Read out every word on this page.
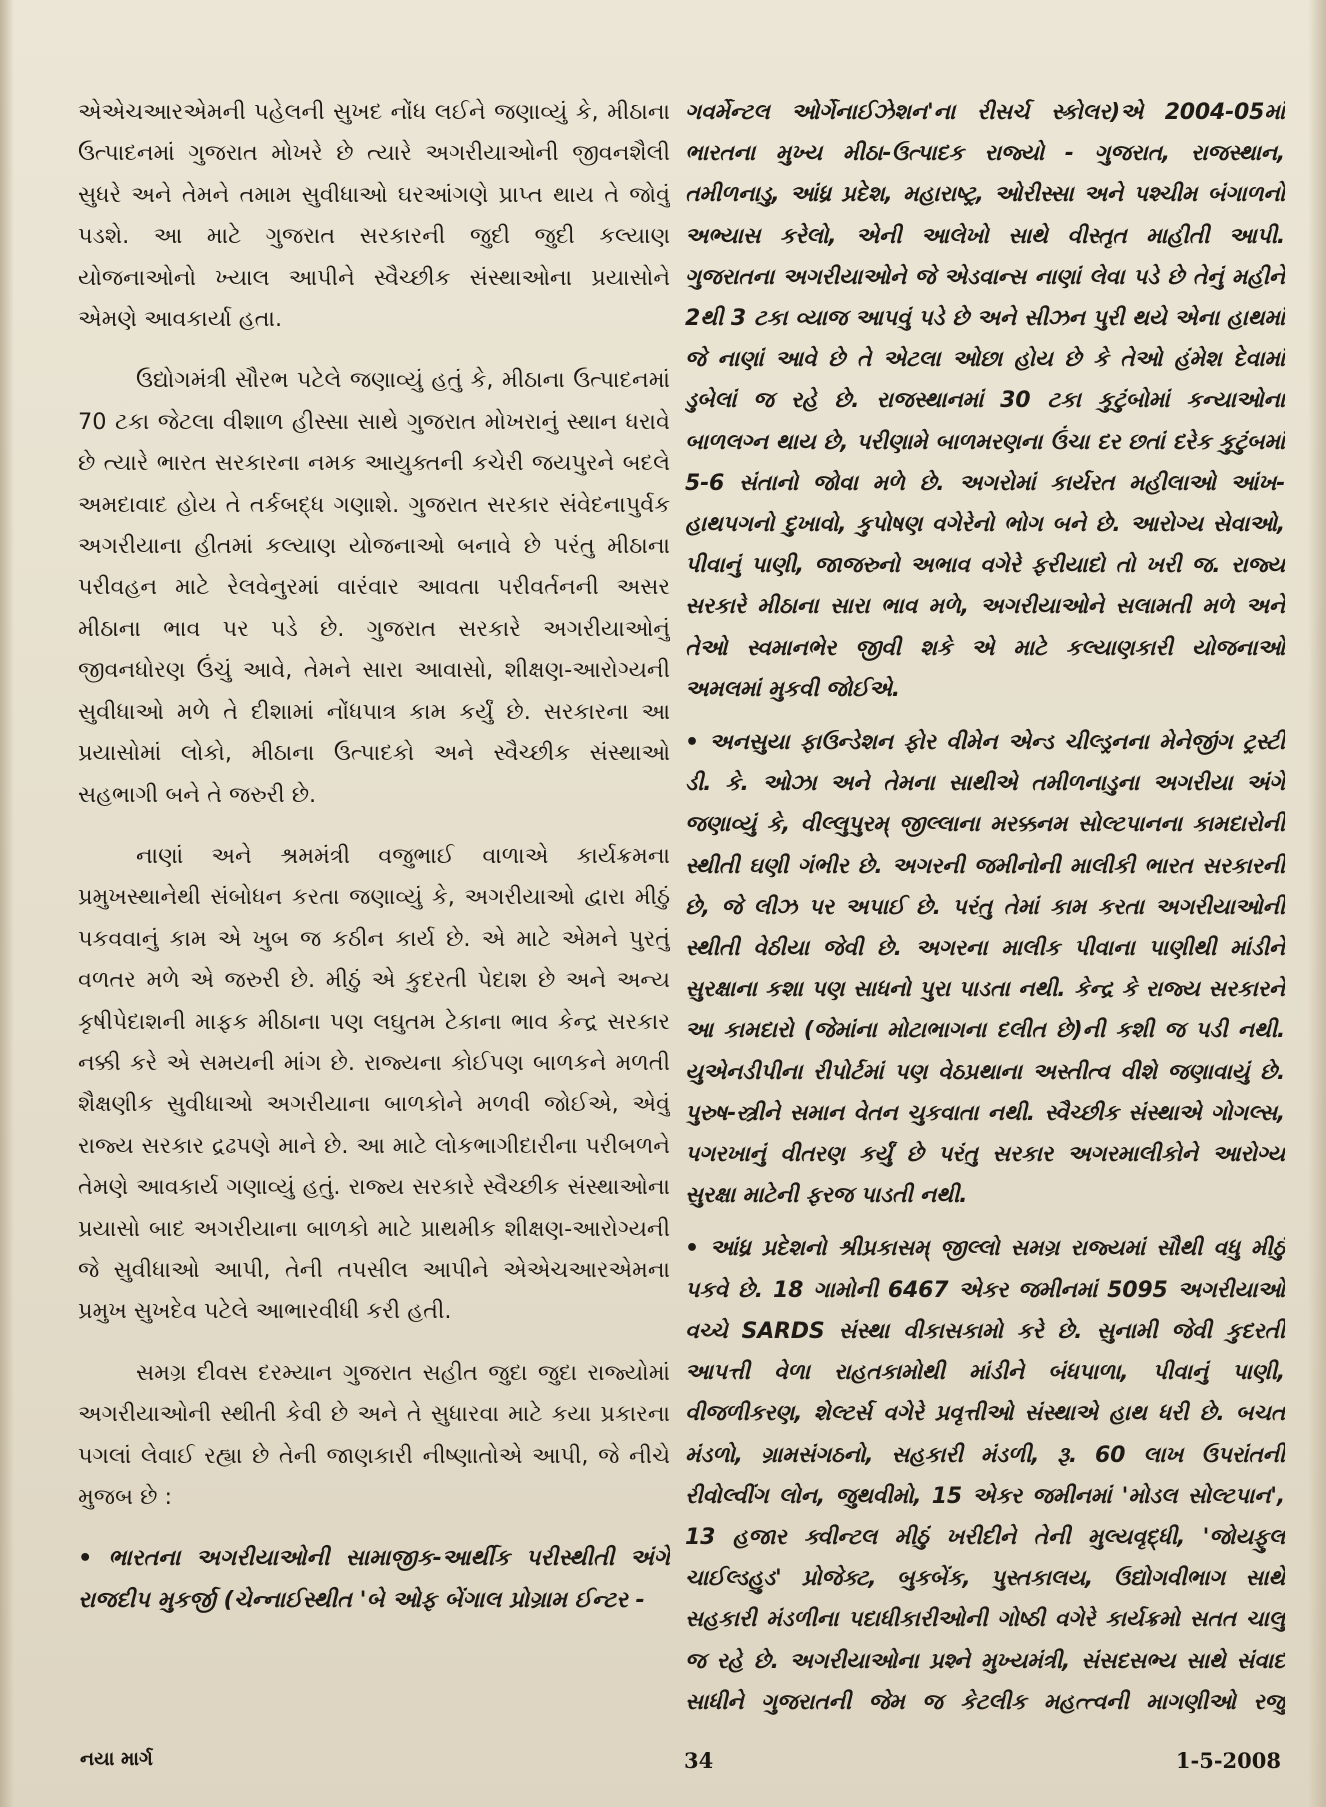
એએચઆરએમની પહેલની સુખદ નોંધ લઈને જણાવ્યું કે, મીઠાના ઉત્પાદનમાં ગુજરાત મોખરે છે ત્યારે અગરીયાઓની જીવનશૈલી સુધરે અને તેમને તમામ સુવીધાઓ ઘરઆંગણે પ્રાપ્ત થાય તે જોવું પડશે. આ માટે ગુજરાત સરકારની જુદી જુદી કલ્યાણ યોજનાઓનો ખ્યાલ આપીને સ્વૈચ્છીક સંસ્થાઓના પ્રયાસોને એમણે આવકાર્યા હતા.

ઉદ્યોગમંત્રી સૌરભ પટેલે જણાવ્યું હતું કે, મીઠાના ઉત્પાદનમાં 70 ટકા જેટલા વીશાળ હીસ્સા સાથે ગુજરાત મોખરાનું સ્થાન ધરાવે છે ત્યારે ભારત સરકારના નમક આયુક્તની કચેરી જયપુરને બદલે અમદાવાદ હોય તે તર્કબદ્ધ ગણાશે. ગુજરાત સરકાર સંવેદનાપુર્વક અગરીયાના હીતમાં કલ્યાણ યોજનાઓ બનાવે છે પરંતુ મીઠાના પરીવહન માટે રેલવેનુરમાં વારંવાર આવતા પરીવર્તનની અસર મીઠાના ભાવ પર પડે છે. ગુજરાત સરકારે અગરીયાઓનું જીવનધોરણ ઉંચું આવે, તેમને સારા આવાસો, શીક્ષણ-આરોગ્યની સુવીધાઓ મળે તે દીશામાં નોંધપાત્ર કામ કર્યું છે. સરકારના આ પ્રયાસોમાં લોકો, મીઠાના ઉત્પાદકો અને સ્વૈચ્છીક સંસ્થાઓ સહભાગી બને તે જરુરી છે.

નાણાં અને શ્રમમંત્રી વજુભાઈ વાળાએ કાર્યક્રમના પ્રમુખસ્થાનેથી સંબોધન કરતા જણાવ્યું કે, અગરીયાઓ દ્વારા મીઠું પકવવાનું કામ એ ખુબ જ કઠીન કાર્ય છે. એ માટે એમને પુરતું વળતર મળે એ જરુરી છે. મીઠું એ કુદરતી પેદાશ છે અને અન્ય કૃષીપેદાશની માફક મીઠાના પણ લઘુતમ ટેકાના ભાવ કેન્દ્ર સરકાર નક્કી કરે એ સમયની માંગ છે. રાજ્યના કોઈપણ બાળકને મળતી શૈક્ષણીક સુવીધાઓ અગરીયાના બાળકોને મળવી જોઈએ, એવું રાજ્ય સરકાર દ્રઢપણે માને છે. આ માટે લોકભાગીદારીના પરીબળને તેમણે આવકાર્ય ગણાવ્યું હતું. રાજ્ય સરકારે સ્વૈચ્છીક સંસ્થાઓના પ્રયાસો બાદ અગરીયાના બાળકો માટે પ્રાથમીક શીક્ષણ-આરોગ્યની જે સુવીધાઓ આપી, તેની તપસીલ આપીને એએચઆરએમના પ્રમુખ સુખદેવ પટેલે આભારવીધી કરી હતી.

સમગ્ર દીવસ દરમ્યાન ગુજરાત સહીત જુદા જુદા રાજ્યોમાં અગરીયાઓની સ્થીતી કેવી છે અને તે સુધારવા માટે કયા પ્રકારના પગલાં લેવાઈ રહ્યા છે તેની જાણકારી નીષ્ણાતોએ આપી, જે નીચે મુજબ છે :

• ભારતના અગરીયાઓની સામાજીક-આર્થીક પરીસ્થીતી અંગે રાજદીપ મુકર્જી (ચેન્નાઈસ્થીત 'બે ઓફ બેંગાલ પ્રોગ્રામ ઈન્ટર -

ગવર્મેન્ટલ ઓર્ગેનાઈઝેશન'ના રીસર્ચ સ્કોલર)એ 2004-05માં ભારતના મુખ્ય મીઠા-ઉત્પાદક રાજ્યો - ગુજરાત, રાજસ્થાન, તમીળનાડુ, આંધ્ર પ્રદેશ, મહારાષ્ટ્ર, ઓરીસ્સા અને પશ્ચીમ બંગાળનો અભ્યાસ કરેલો, એની આલેખો સાથે વીસ્તૃત માહીતી આપી. ગુજરાતના અગરીયાઓને જે એડવાન્સ નાણાં લેવા પડે છે તેનું મહીને 2થી 3 ટકા વ્યાજ આપવું પડે છે અને સીઝન પુરી થયે એના હાથમાં જે નાણાં આવે છે તે એટલા ઓછા હોય છે કે તેઓ હંમેશ દેવામાં ડુબેલાં જ રહે છે. રાજસ્થાનમાં 30 ટકા કુટુંબોમાં કન્યાઓના બાળલગ્ન થાય છે, પરીણામે બાળમરણના ઉંચા દર છતાં દરેક કુટુંબમાં 5-6 સંતાનો જોવા મળે છે. અગરોમાં કાર્યરત મહીલાઓ આંખ- હાથપગનો દુખાવો, કુપોષણ વગેરેનો ભોગ બને છે. આરોગ્ય સેવાઓ, પીવાનું પાણી, જાજરુનો અભાવ વગેરે ફરીયાદો તો ખરી જ. રાજ્ય સરકારે મીઠાના સારા ભાવ મળે, અગરીયાઓને સલામતી મળે અને તેઓ સ્વમાનભેર જીવી શકે એ માટે કલ્યાણકારી યોજનાઓ અમલમાં મુકવી જોઈએ.

• અનસુયા ફાઉન્ડેશન ફોર વીમેન એન્ડ ચીલ્ડ્રનના મેનેજીંગ ટ્રસ્ટી ડી. કે. ઓઝા અને તેમના સાથીએ તમીળનાડુના અગરીયા અંગે જણાવ્યું કે, વીલ્લુપુરમ્ જીલ્લાના મરક્કનમ સોલ્ટપાનના કામદારોની સ્થીતી ઘણી ગંભીર છે. અગરની જમીનોની માલીકી ભારત સરકારની છે, જે લીઝ પર અપાઈ છે. પરંતુ તેમાં કામ કરતા અગરીયાઓની સ્થીતી વેઠીયા જેવી છે. અગરના માલીક પીવાના પાણીથી માંડીને સુરક્ષાના કશા પણ સાધનો પુરા પાડતા નથી. કેન્દ્ર કે રાજ્ય સરકારને આ કામદારો (જેમાંના મોટાભાગના દલીત છે)ની કશી જ પડી નથી. યુએનડીપીના રીપોર્ટમાં પણ વેઠપ્રથાના અસ્તીત્વ વીશે જણાવાયું છે. પુરુષ-સ્ત્રીને સમાન વેતન ચુકવાતા નથી. સ્વૈચ્છીક સંસ્થાએ ગોગલ્સ, પગરખાનું વીતરણ કર્યું છે પરંતુ સરકાર અગરમાલીકોને આરોગ્ય સુરક્ષા માટેની ફરજ પાડતી નથી.

• આંધ્ર પ્રદેશનો શ્રીપ્રકાસમ્ જીલ્લો સમગ્ર રાજ્યમાં સૌથી વધુ મીઠું પકવે છે. 18 ગામોની 6467 એકર જમીનમાં 5095 અગરીયાઓ વચ્ચે SARDS સંસ્થા વીકાસકામો કરે છે. સુનામી જેવી કુદરતી આપત્તી વેળા રાહતકામોથી માંડીને બંધપાળા, પીવાનું પાણી, વીજળીકરણ, શેલ્ટર્સ વગેરે પ્રવૃત્તીઓ સંસ્થાએ હાથ ધરી છે. બચત મંડળો, ગ્રામસંગઠનો, સહકારી મંડળી, રૂ. 60 લાખ ઉપરાંતની રીવોલ્વીંગ લોન, જુથવીમો, 15 એકર જમીનમાં 'મોડલ સોલ્ટપાન', 13 હજાર ક્વીન્ટલ મીઠું ખરીદીને તેની મુલ્યવૃદ્ધી, 'જોયફુલ ચાઈલ્ડહુડ' પ્રોજેક્ટ, બુકબેંક, પુસ્તકાલય, ઉદ્યોગવીભાગ સાથે સહકારી મંડળીના પદાધીકારીઓની ગોષ્ઠી વગેરે કાર્યક્રમો સતત ચાલુ જ રહે છે. અગરીયાઓના પ્રશ્ને મુખ્યમંત્રી, સંસદસભ્ય સાથે સંવાદ સાધીને ગુજરાતની જેમ જ કેટલીક મહત્ત્વની માગણીઓ રજુ

નયા માર્ગ	34	1-5-2008
